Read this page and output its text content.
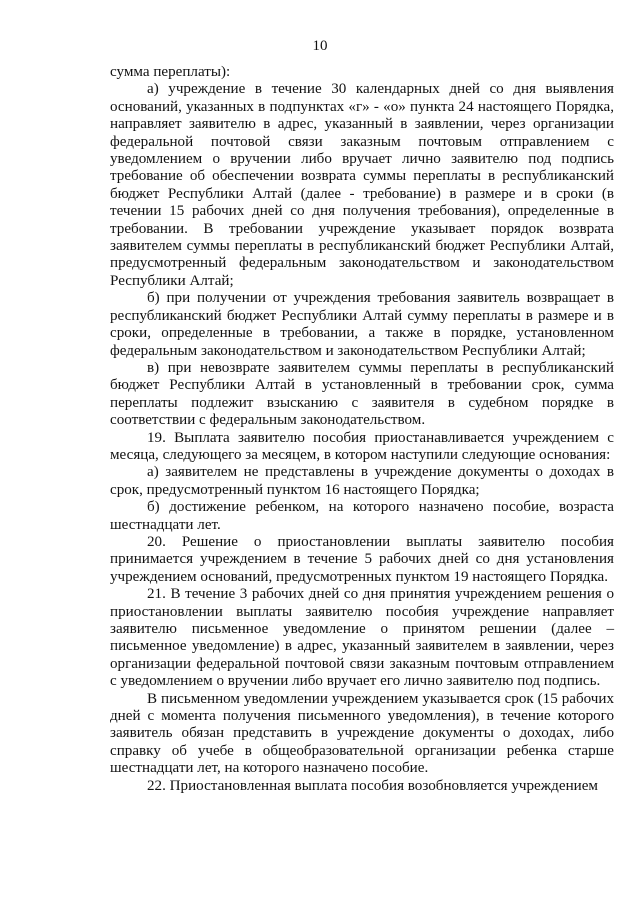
10

сумма переплаты):

а) учреждение в течение 30 календарных дней со дня выявления оснований, указанных в подпунктах «г» - «о» пункта 24 настоящего Порядка, направляет заявителю в адрес, указанный в заявлении, через организации федеральной почтовой связи заказным почтовым отправлением с уведомлением о вручении либо вручает лично заявителю под подпись требование об обеспечении возврата суммы переплаты в республиканский бюджет Республики Алтай (далее - требование) в размере и в сроки (в течении 15 рабочих дней со дня получения требования), определенные в требовании. В требовании учреждение указывает порядок возврата заявителем суммы переплаты в республиканский бюджет Республики Алтай, предусмотренный федеральным законодательством и законодательством Республики Алтай;

б) при получении от учреждения требования заявитель возвращает в республиканский бюджет Республики Алтай сумму переплаты в размере и в сроки, определенные в требовании, а также в порядке, установленном федеральным законодательством и законодательством Республики Алтай;

в) при невозврате заявителем суммы переплаты в республиканский бюджет Республики Алтай в установленный в требовании срок, сумма переплаты подлежит взысканию с заявителя в судебном порядке в соответствии с федеральным законодательством.

19. Выплата заявителю пособия приостанавливается учреждением с месяца, следующего за месяцем, в котором наступили следующие основания:

а) заявителем не представлены в учреждение документы о доходах в срок, предусмотренный пунктом 16 настоящего Порядка;

б) достижение ребенком, на которого назначено пособие, возраста шестнадцати лет.

20. Решение о приостановлении выплаты заявителю пособия принимается учреждением в течение 5 рабочих дней со дня установления учреждением оснований, предусмотренных пунктом 19 настоящего Порядка.

21. В течение 3 рабочих дней со дня принятия учреждением решения о приостановлении выплаты заявителю пособия учреждение направляет заявителю письменное уведомление о принятом решении (далее – письменное уведомление) в адрес, указанный заявителем в заявлении, через организации федеральной почтовой связи заказным почтовым отправлением с уведомлением о вручении либо вручает его лично заявителю под подпись.

В письменном уведомлении учреждением указывается срок (15 рабочих дней с момента получения письменного уведомления), в течение которого заявитель обязан представить в учреждение документы о доходах, либо справку об учебе в общеобразовательной организации ребенка старше шестнадцати лет, на которого назначено пособие.

22. Приостановленная выплата пособия возобновляется учреждением
